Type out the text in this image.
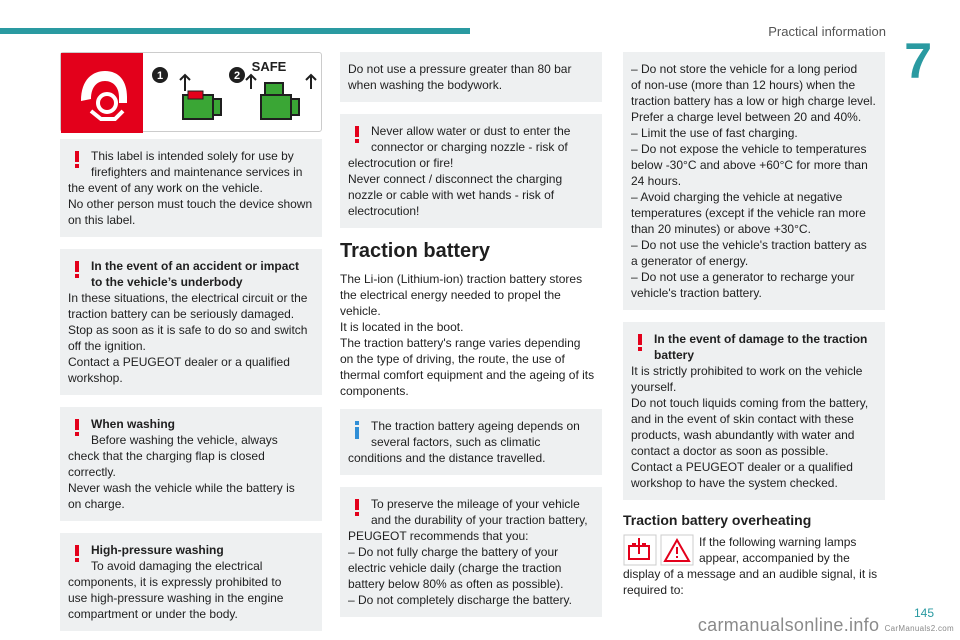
Practical information
7
1	2
SAFE
This label is intended solely for use by
firefighters and maintenance services in
the event of any work on the vehicle.
No other person must touch the device shown
on this label.
In the event of an accident or impact
to the vehicle’s underbody
In these situations, the electrical circuit or the
traction battery can be seriously damaged.
Stop as soon as it is safe to do so and switch
off the ignition.
Contact a PEUGEOT dealer or a qualified
workshop.
When washing
Before washing the vehicle, always
check that the charging flap is closed
correctly.
Never wash the vehicle while the battery is
on charge.
High-pressure washing
To avoid damaging the electrical
components, it is expressly prohibited to
use high-pressure washing in the engine
compartment or under the body.
Do not use a pressure greater than 80 bar
when washing the bodywork.
Never allow water or dust to enter the
connector or charging nozzle - risk of
electrocution or fire!
Never connect / disconnect the charging
nozzle or cable with wet hands - risk of
electrocution!
Traction battery
The Li-ion (Lithium-ion) traction battery stores
the electrical energy needed to propel the
vehicle.
It is located in the boot.
The traction battery's range varies depending
on the type of driving, the route, the use of
thermal comfort equipment and the ageing of its
components.
The traction battery ageing depends on
several factors, such as climatic
conditions and the distance travelled.
To preserve the mileage of your vehicle
and the durability of your traction battery,
PEUGEOT recommends that you:
– Do not fully charge the battery of your
electric vehicle daily (charge the traction
battery below 80% as often as possible).
– Do not completely discharge the battery.
– Do not store the vehicle for a long period
of non-use (more than 12 hours) when the
traction battery has a low or high charge level.
Prefer a charge level between 20 and 40%.
– Limit the use of fast charging.
– Do not expose the vehicle to temperatures
below -30°C and above +60°C for more than
24 hours.
– Avoid charging the vehicle at negative
temperatures (except if the vehicle ran more
than 20 minutes) or above +30°C.
– Do not use the vehicle's traction battery as
a generator of energy.
– Do not use a generator to recharge your
vehicle's traction battery.
In the event of damage to the traction
battery
It is strictly prohibited to work on the vehicle
yourself.
Do not touch liquids coming from the battery,
and in the event of skin contact with these
products, wash abundantly with water and
contact a doctor as soon as possible.
Contact a PEUGEOT dealer or a qualified
workshop to have the system checked.
Traction battery overheating
If the following warning lamps
appear, accompanied by the
display of a message and an audible signal, it is
required to:
145
carmanualsonline.info CarManuals2.com
